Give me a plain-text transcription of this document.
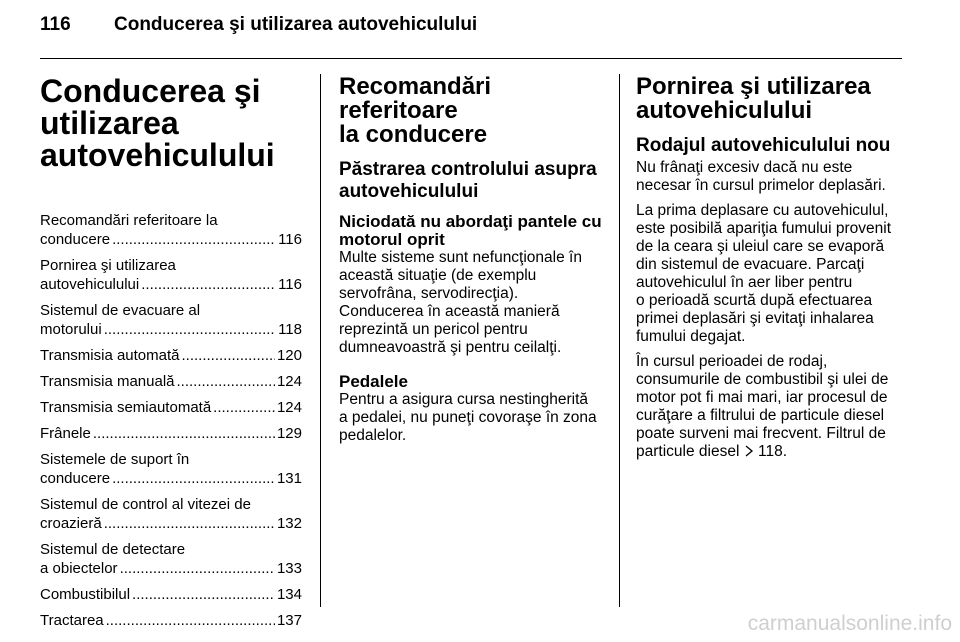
116 Conducerea şi utilizarea autovehiculului
Conducerea şi
utilizarea
autovehiculului
Recomandări referitoare la
conducere .....	116
Pornirea şi utilizarea
autovehiculului .....	116
Sistemul de evacuare al
motorului .....	118
Transmisia automată .....	120
Transmisia manuală .....	124
Transmisia semiautomată .....	124
Frânele .....	129
Sistemele de suport în
conducere .....	131
Sistemul de control al vitezei de
croazieră .....	132
Sistemul de detectare
a obiectelor .....	133
Combustibilul .....	134
Tractarea .....	137
Recomandări referitoare
la conducere
Păstrarea controlului asupra
autovehiculului
Niciodată nu abordaţi pantele cu
motorul oprit
Multe sisteme sunt nefuncţionale în
această situaţie (de exemplu
servofrâna, servodirecţia).
Conducerea în această manieră
reprezintă un pericol pentru
dumneavoastră şi pentru ceilalţi.
Pedalele
Pentru a asigura cursa nestingherită
a pedalei, nu puneţi covoraşe în zona
pedalelor.
Pornirea şi utilizarea
autovehiculului
Rodajul autovehiculului nou
Nu frânaţi excesiv dacă nu este
necesar în cursul primelor deplasări.
La prima deplasare cu autovehiculul,
este posibilă apariţia fumului provenit
de la ceara şi uleiul care se evaporă
din sistemul de evacuare. Parcaţi
autovehiculul în aer liber pentru
o perioadă scurtă după efectuarea
primei deplasări şi evitaţi inhalarea
fumului degajat.
În cursul perioadei de rodaj,
consumurile de combustibil şi ulei de
motor pot fi mai mari, iar procesul de
curăţare a filtrului de particule diesel
poate surveni mai frecvent. Filtrul de
particule diesel 118.
carmanualsonline.info
